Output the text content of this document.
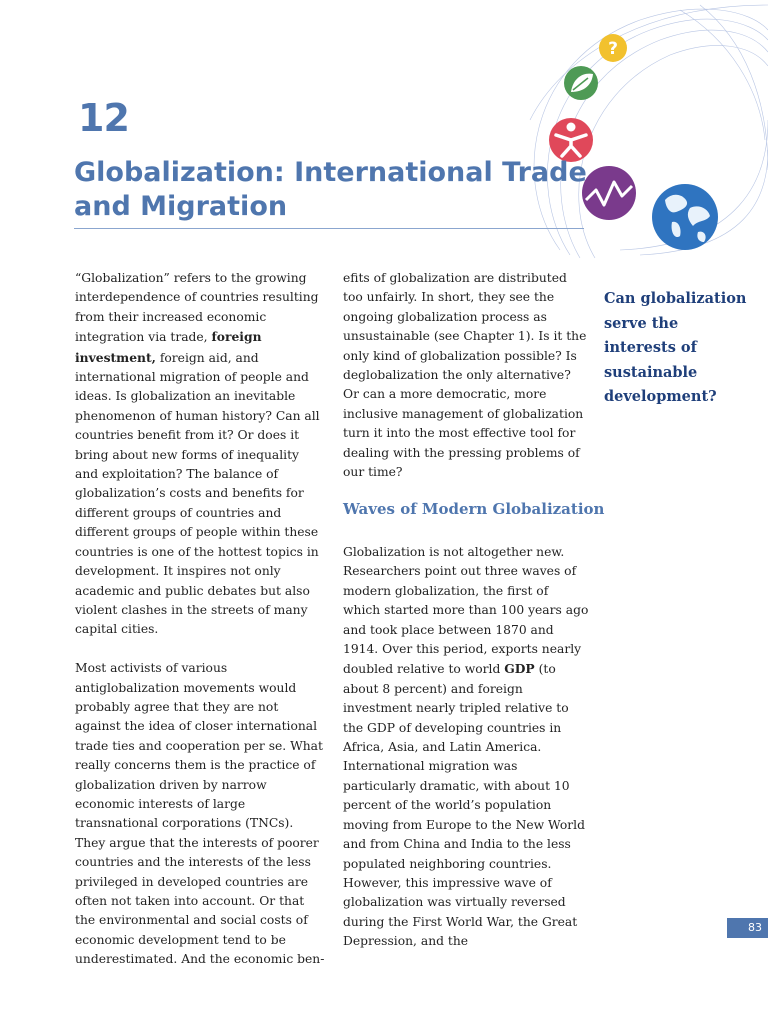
?
12
Globalization: International Trade and Migration

“Globalization” refers to the growing interdependence of countries resulting from their increased economic integration via trade, foreign investment, foreign aid, and international migration of people and ideas. Is globalization an inevitable phenomenon of human history? Can all countries benefit from it? Or does it bring about new forms of inequality and exploitation? The balance of globalization’s costs and benefits for different groups of countries and different groups of people within these countries is one of the hottest topics in development. It inspires not only academic and public debates but also violent clashes in the streets of many capital cities.

Most activists of various antiglobalization movements would probably agree that they are not against the idea of closer international trade ties and cooperation per se. What really concerns them is the practice of globalization driven by narrow economic interests of large transnational corporations (TNCs). They argue that the interests of poorer countries and the interests of the less privileged in developed countries are often not taken into account. Or that the environmental and social costs of economic development tend to be underestimated. And the economic ben-

efits of globalization are distributed too unfairly. In short, they see the ongoing globalization process as unsustainable (see Chapter 1). Is it the only kind of globalization possible? Is deglobalization the only alternative? Or can a more democratic, more inclusive management of globalization turn it into the most effective tool for dealing with the pressing problems of our time?

Waves of Modern Globalization

Globalization is not altogether new. Researchers point out three waves of modern globalization, the first of which started more than 100 years ago and took place between 1870 and 1914. Over this period, exports nearly doubled relative to world GDP (to about 8 percent) and foreign investment nearly tripled relative to the GDP of developing countries in Africa, Asia, and Latin America. International migration was particularly dramatic, with about 10 percent of the world’s population moving from Europe to the New World and from China and India to the less populated neighboring countries. However, this impressive wave of globalization was virtually reversed during the First World War, the Great Depression, and the

Can globalization serve the interests of sustainable development?
83
